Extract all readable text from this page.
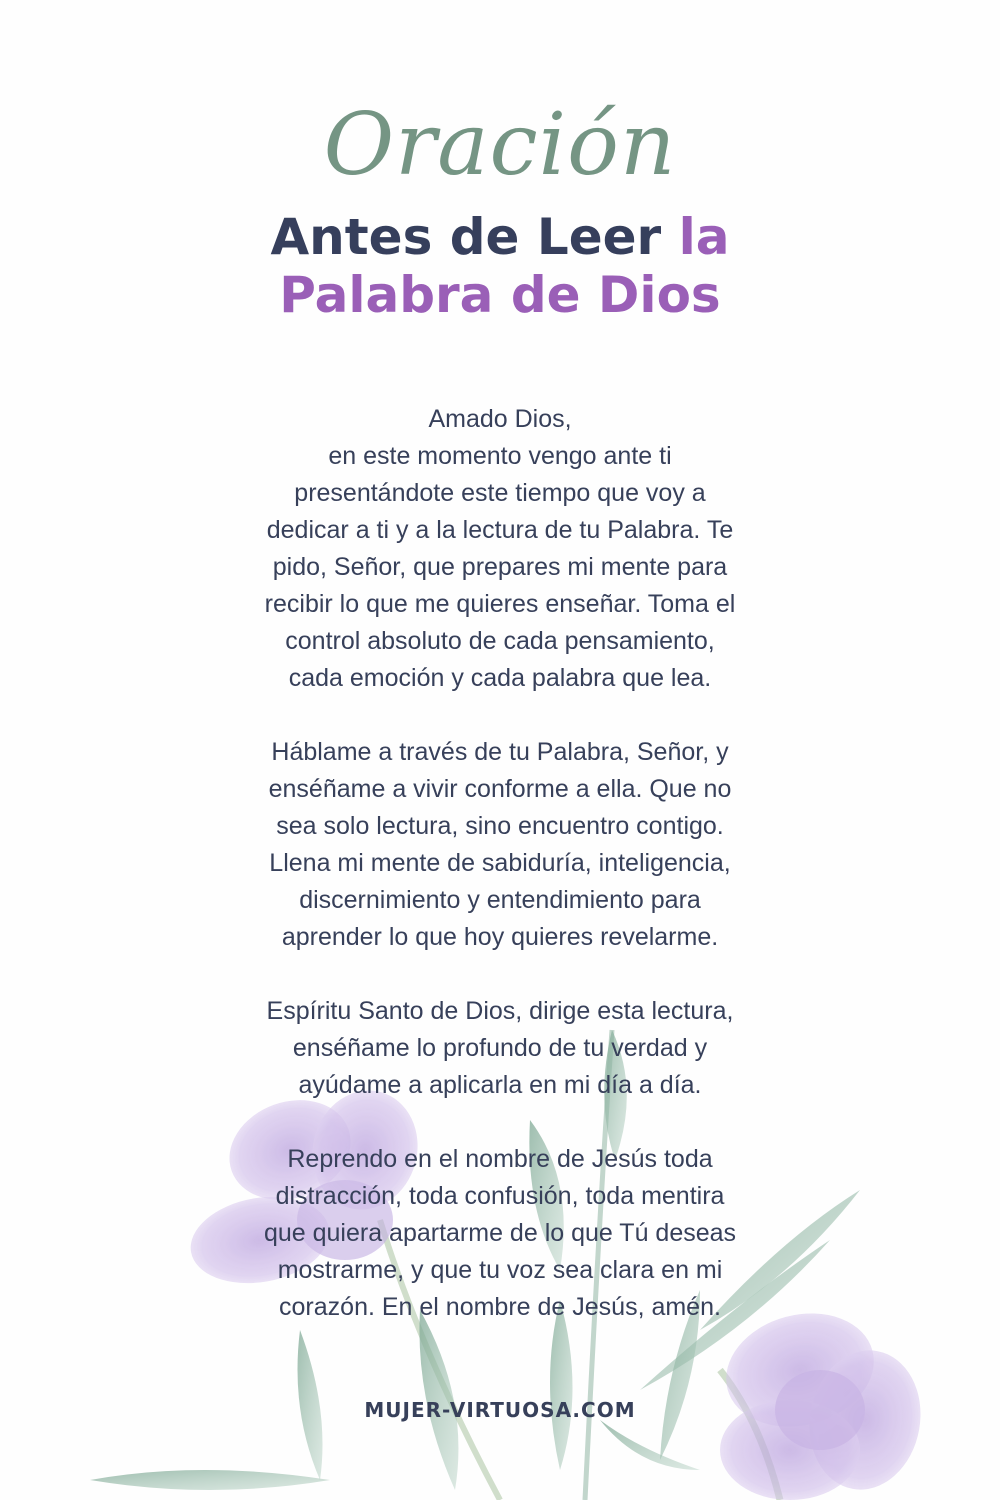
Oración
Antes de Leer la
Palabra de Dios

Amado Dios,

en este momento vengo ante ti

presentándote este tiempo que voy a

dedicar a ti y a la lectura de tu Palabra. Te

pido, Señor, que prepares mi mente para

recibir lo que me quieres enseñar. Toma el

control absoluto de cada pensamiento,

cada emoción y cada palabra que lea.

Háblame a través de tu Palabra, Señor, y

enséñame a vivir conforme a ella. Que no

sea solo lectura, sino encuentro contigo.

Llena mi mente de sabiduría, inteligencia,

discernimiento y entendimiento para

aprender lo que hoy quieres revelarme.

Espíritu Santo de Dios, dirige esta lectura,

enséñame lo profundo de tu verdad y

ayúdame a aplicarla en mi día a día.

Reprendo en el nombre de Jesús toda

distracción, toda confusión, toda mentira

que quiera apartarme de lo que Tú deseas

mostrarme, y que tu voz sea clara en mi

corazón. En el nombre de Jesús, amén.

MUJER-VIRTUOSA.COM
